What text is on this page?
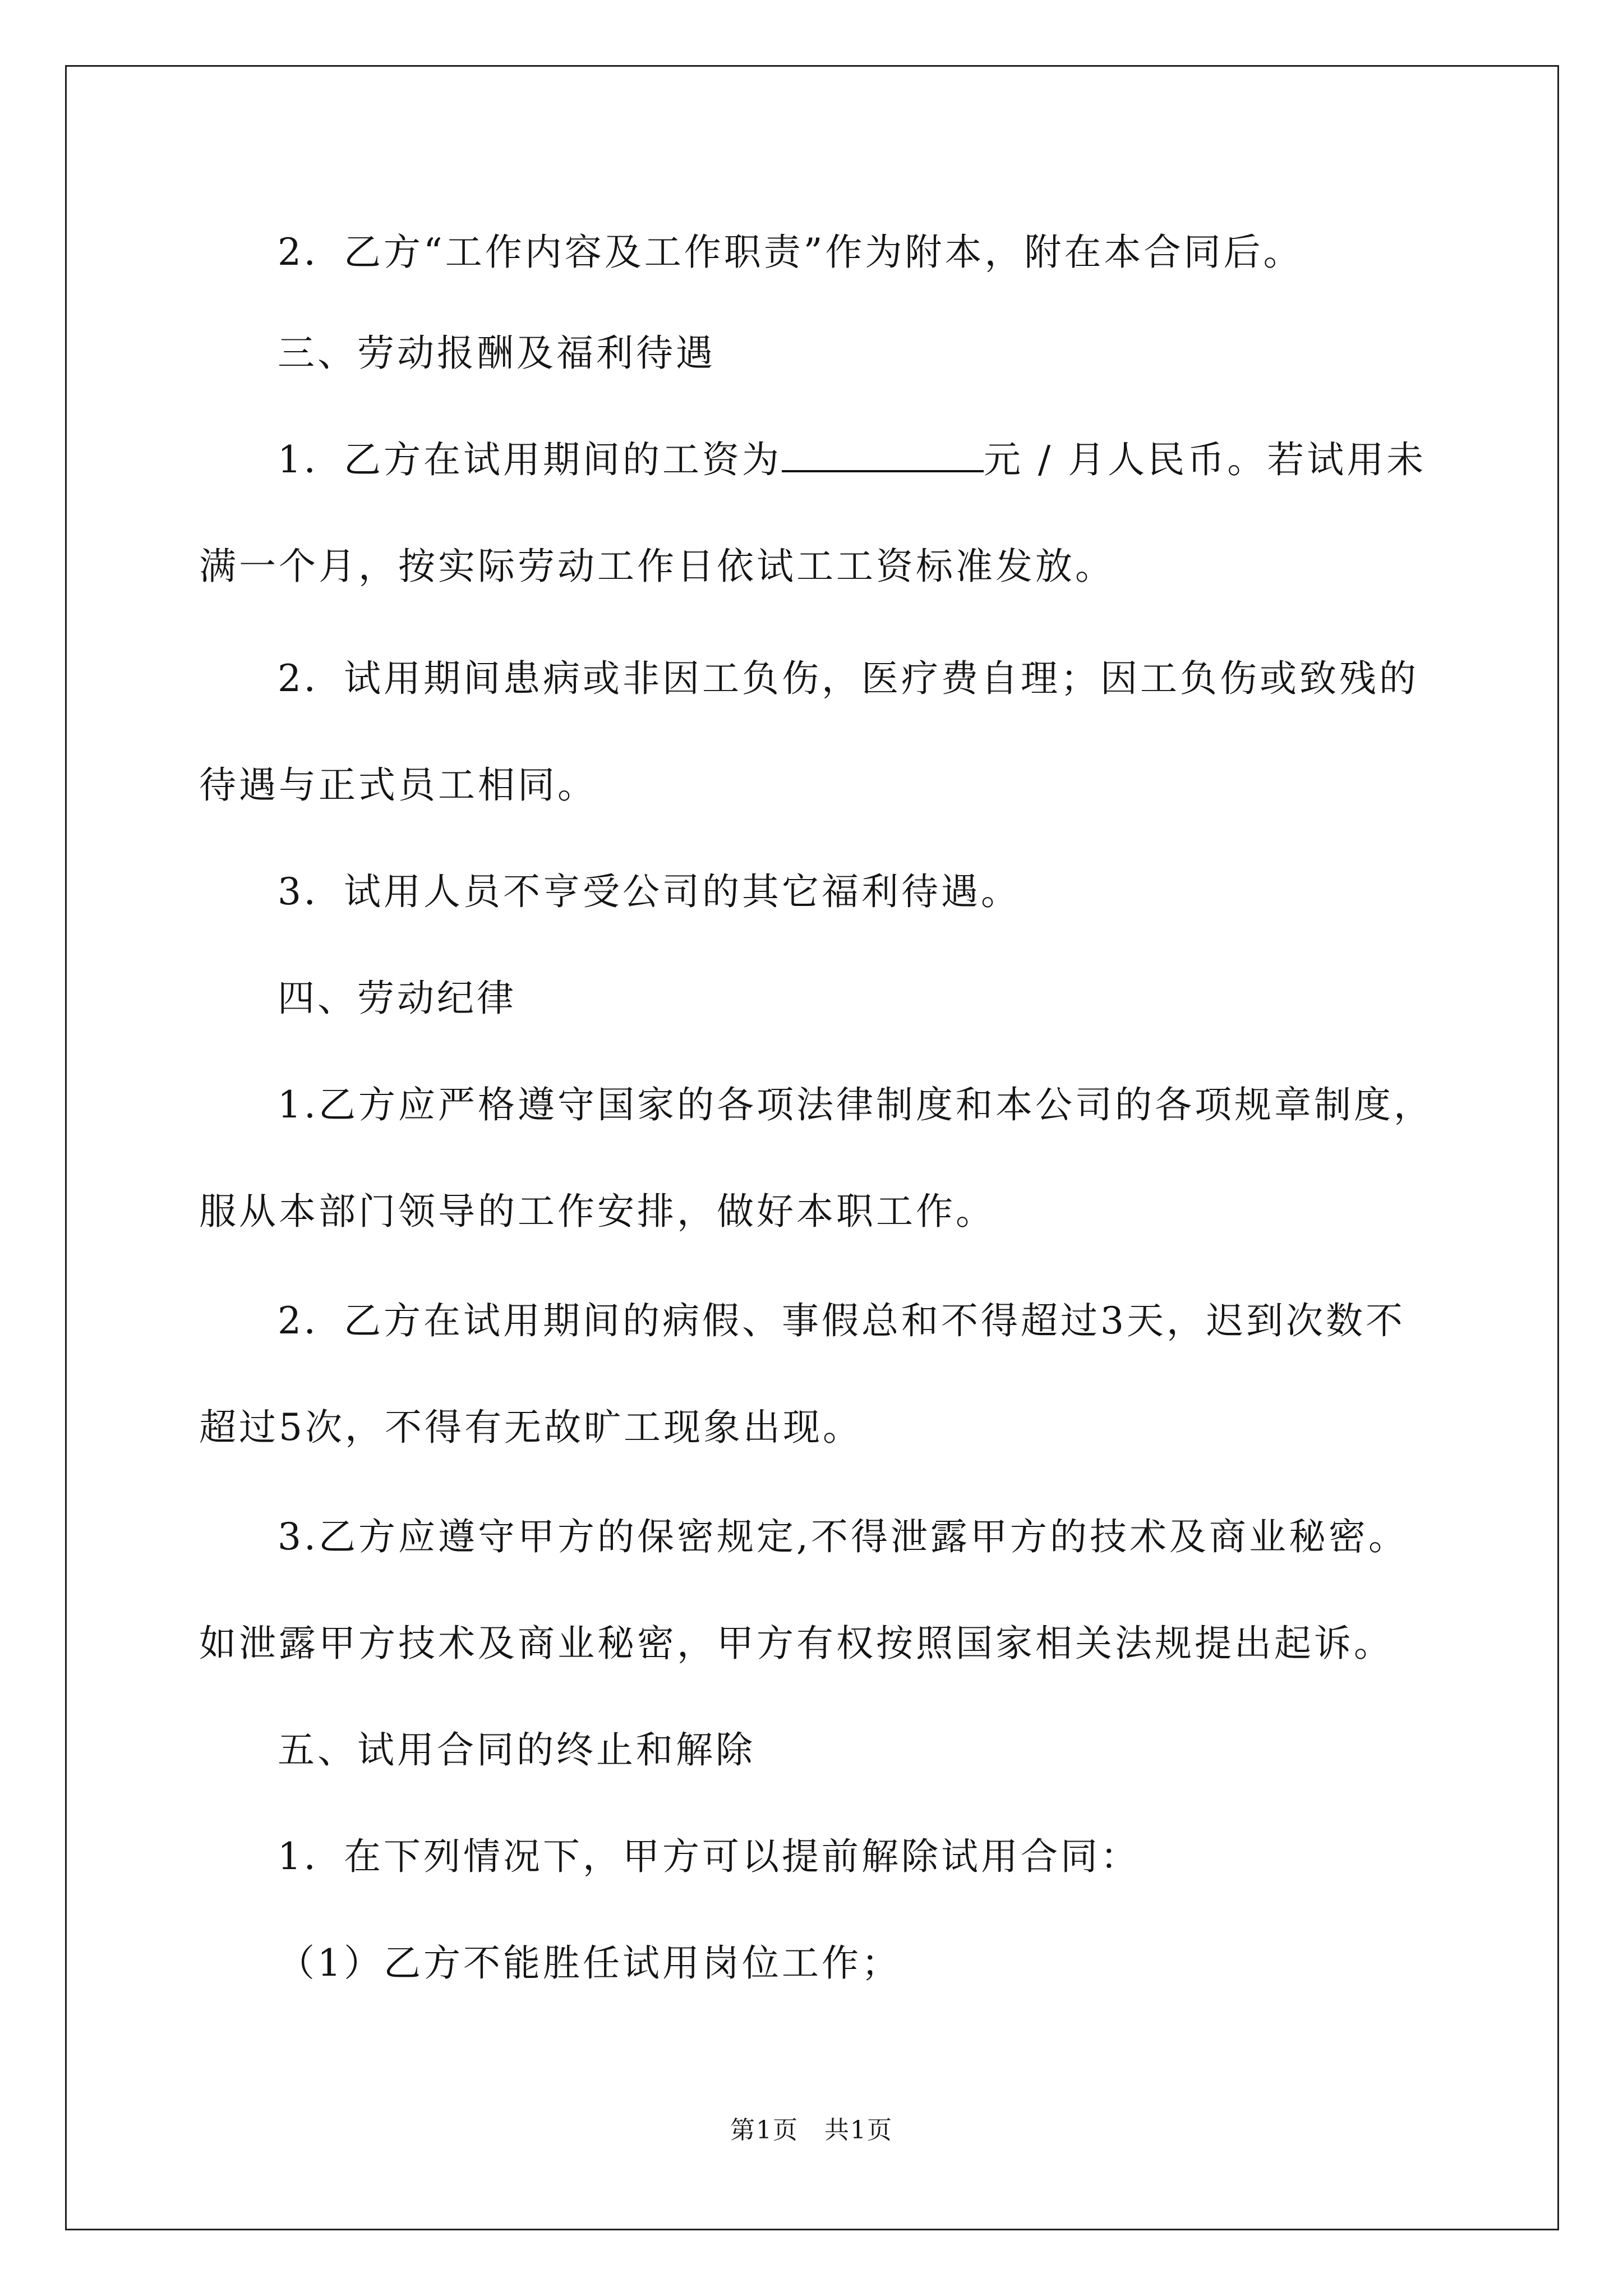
2．乙方“工作内容及工作职责”作为附本，附在本合同后。
三、劳动报酬及福利待遇
1．乙方在试用期间的工资为	元 / 月人民币。若试用未
满一个月，按实际劳动工作日依试工工资标准发放。
2．试用期间患病或非因工负伤，医疗费自理；因工负伤或致残的
待遇与正式员工相同。
3．试用人员不亨受公司的其它福利待遇。
四、劳动纪律
1.乙方应严格遵守国家的各项法律制度和本公司的各项规章制度，
服从本部门领导的工作安排，做好本职工作。
2．乙方在试用期间的病假、事假总和不得超过3天，迟到次数不
超过5次，不得有无故旷工现象出现。
3.乙方应遵守甲方的保密规定,不得泄露甲方的技术及商业秘密。
如泄露甲方技术及商业秘密，甲方有权按照国家相关法规提出起诉。
五、试用合同的终止和解除
1．在下列情况下，甲方可以提前解除试用合同：
（1）乙方不能胜任试用岗位工作；
第1页　共1页
